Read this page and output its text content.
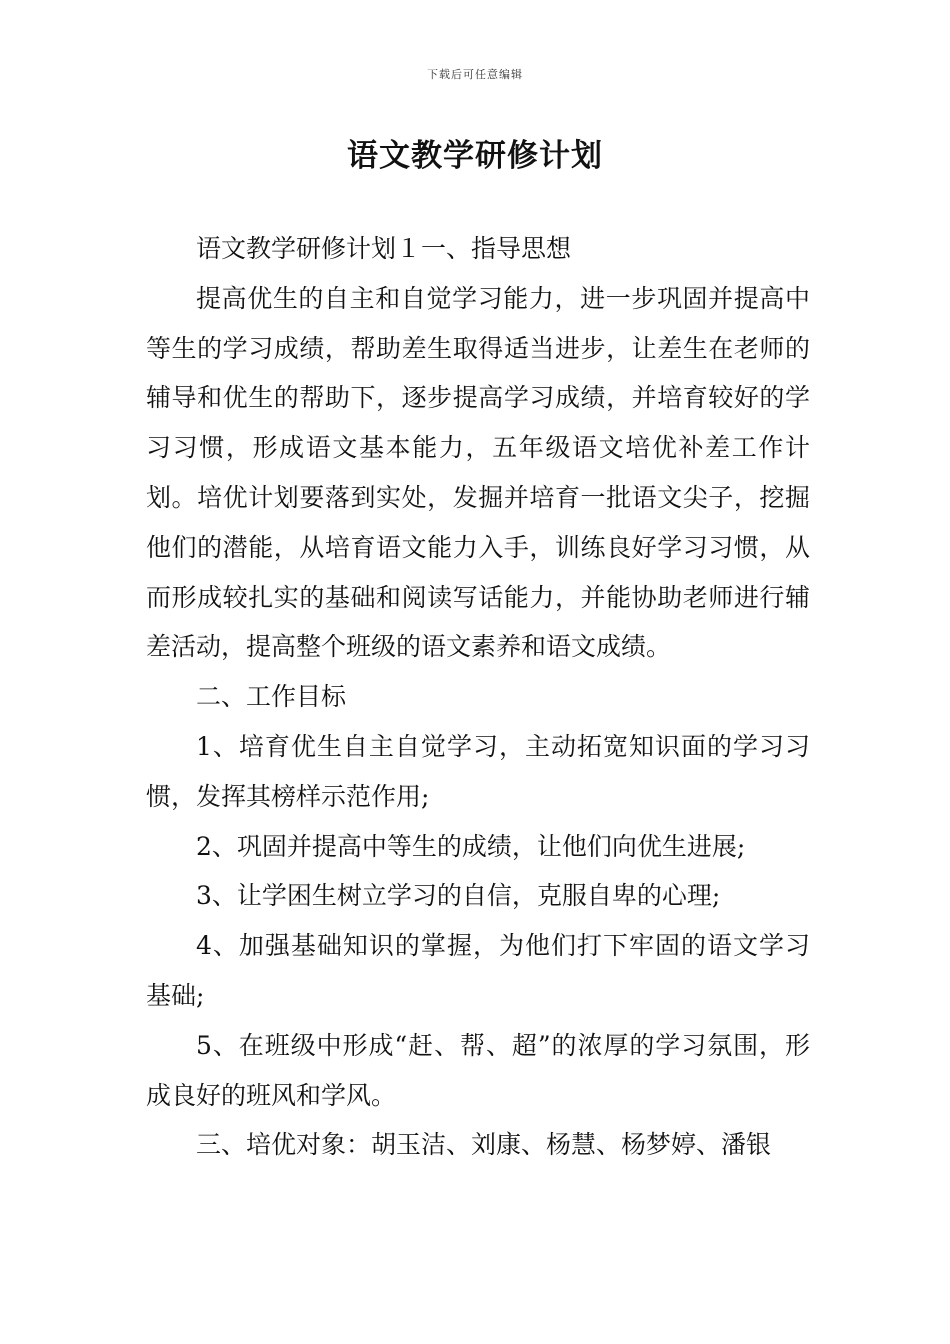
下载后可任意编辑
语文教学研修计划

语文教学研修计划１一、指导思想

提高优生的自主和自觉学习能力，进一步巩固并提高中等生的学习成绩，帮助差生取得适当进步，让差生在老师的辅导和优生的帮助下，逐步提高学习成绩，并培育较好的学习习惯，形成语文基本能力，五年级语文培优补差工作计划。培优计划要落到实处，发掘并培育一批语文尖子，挖掘他们的潜能，从培育语文能力入手，训练良好学习习惯，从而形成较扎实的基础和阅读写话能力，并能协助老师进行辅差活动，提高整个班级的语文素养和语文成绩。

二、工作目标

1、培育优生自主自觉学习，主动拓宽知识面的学习习惯，发挥其榜样示范作用;

2、巩固并提高中等生的成绩，让他们向优生进展;

3、让学困生树立学习的自信，克服自卑的心理;

4、加强基础知识的掌握，为他们打下牢固的语文学习基础;

5、在班级中形成“赶、帮、超”的浓厚的学习氛围，形成良好的班风和学风。

三、培优对象：胡玉洁、刘康、杨慧、杨梦婷、潘银
